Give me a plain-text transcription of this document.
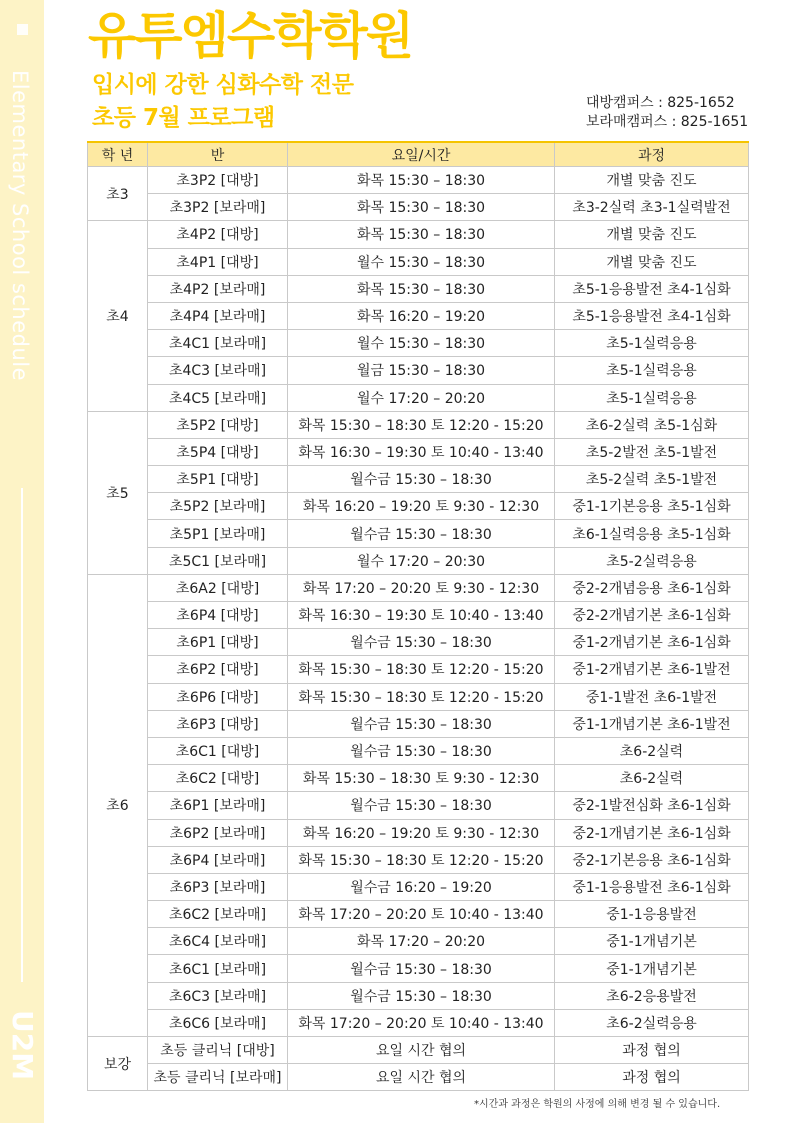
Elementary School schedule
U2M
유투엠수학학원
입시에 강한 심화수학 전문
초등 7월 프로그램
대방캠퍼스 : 825-1652
보라매캠퍼스 : 825-1651
학 년	반	요일/시간	과정
초3	초3P2 [대방]	화목 15:30 – 18:30	개별 맞춤 진도
	초3P2 [보라매]	화목 15:30 – 18:30	초3-2실력 초3-1실력발전
초4	초4P2 [대방]	화목 15:30 – 18:30	개별 맞춤 진도
	초4P1 [대방]	월수 15:30 – 18:30	개별 맞춤 진도
	초4P2 [보라매]	화목 15:30 – 18:30	초5-1응용발전 초4-1심화
	초4P4 [보라매]	화목 16:20 – 19:20	초5-1응용발전 초4-1심화
	초4C1 [보라매]	월수 15:30 – 18:30	초5-1실력응용
	초4C3 [보라매]	월금 15:30 – 18:30	초5-1실력응용
	초4C5 [보라매]	월수 17:20 – 20:20	초5-1실력응용
초5	초5P2 [대방]	화목 15:30 – 18:30 토 12:20 - 15:20	초6-2실력 초5-1심화
	초5P4 [대방]	화목 16:30 – 19:30 토 10:40 - 13:40	초5-2발전 초5-1발전
	초5P1 [대방]	월수금 15:30 – 18:30	초5-2실력 초5-1발전
	초5P2 [보라매]	화목 16:20 – 19:20 토 9:30 - 12:30	중1-1기본응용 초5-1심화
	초5P1 [보라매]	월수금 15:30 – 18:30	초6-1실력응용 초5-1심화
	초5C1 [보라매]	월수 17:20 – 20:30	초5-2실력응용
초6	초6A2 [대방]	화목 17:20 – 20:20 토 9:30 - 12:30	중2-2개념응용 초6-1심화
	초6P4 [대방]	화목 16:30 – 19:30 토 10:40 - 13:40	중2-2개념기본 초6-1심화
	초6P1 [대방]	월수금 15:30 – 18:30	중1-2개념기본 초6-1심화
	초6P2 [대방]	화목 15:30 – 18:30 토 12:20 - 15:20	중1-2개념기본 초6-1발전
	초6P6 [대방]	화목 15:30 – 18:30 토 12:20 - 15:20	중1-1발전 초6-1발전
	초6P3 [대방]	월수금 15:30 – 18:30	중1-1개념기본 초6-1발전
	초6C1 [대방]	월수금 15:30 – 18:30	초6-2실력
	초6C2 [대방]	화목 15:30 – 18:30 토 9:30 - 12:30	초6-2실력
	초6P1 [보라매]	월수금 15:30 – 18:30	중2-1발전심화 초6-1심화
	초6P2 [보라매]	화목 16:20 – 19:20 토 9:30 - 12:30	중2-1개념기본 초6-1심화
	초6P4 [보라매]	화목 15:30 – 18:30 토 12:20 - 15:20	중2-1기본응용 초6-1심화
	초6P3 [보라매]	월수금 16:20 – 19:20	중1-1응용발전 초6-1심화
	초6C2 [보라매]	화목 17:20 – 20:20 토 10:40 - 13:40	중1-1응용발전
	초6C4 [보라매]	화목 17:20 – 20:20	중1-1개념기본
	초6C1 [보라매]	월수금 15:30 – 18:30	중1-1개념기본
	초6C3 [보라매]	월수금 15:30 – 18:30	초6-2응용발전
	초6C6 [보라매]	화목 17:20 – 20:20 토 10:40 - 13:40	초6-2실력응용
보강	초등 클리닉 [대방]	요일 시간 협의	과정 협의
	초등 클리닉 [보라매]	요일 시간 협의	과정 협의
*시간과 과정은 학원의 사정에 의해 변경 될 수 있습니다.
